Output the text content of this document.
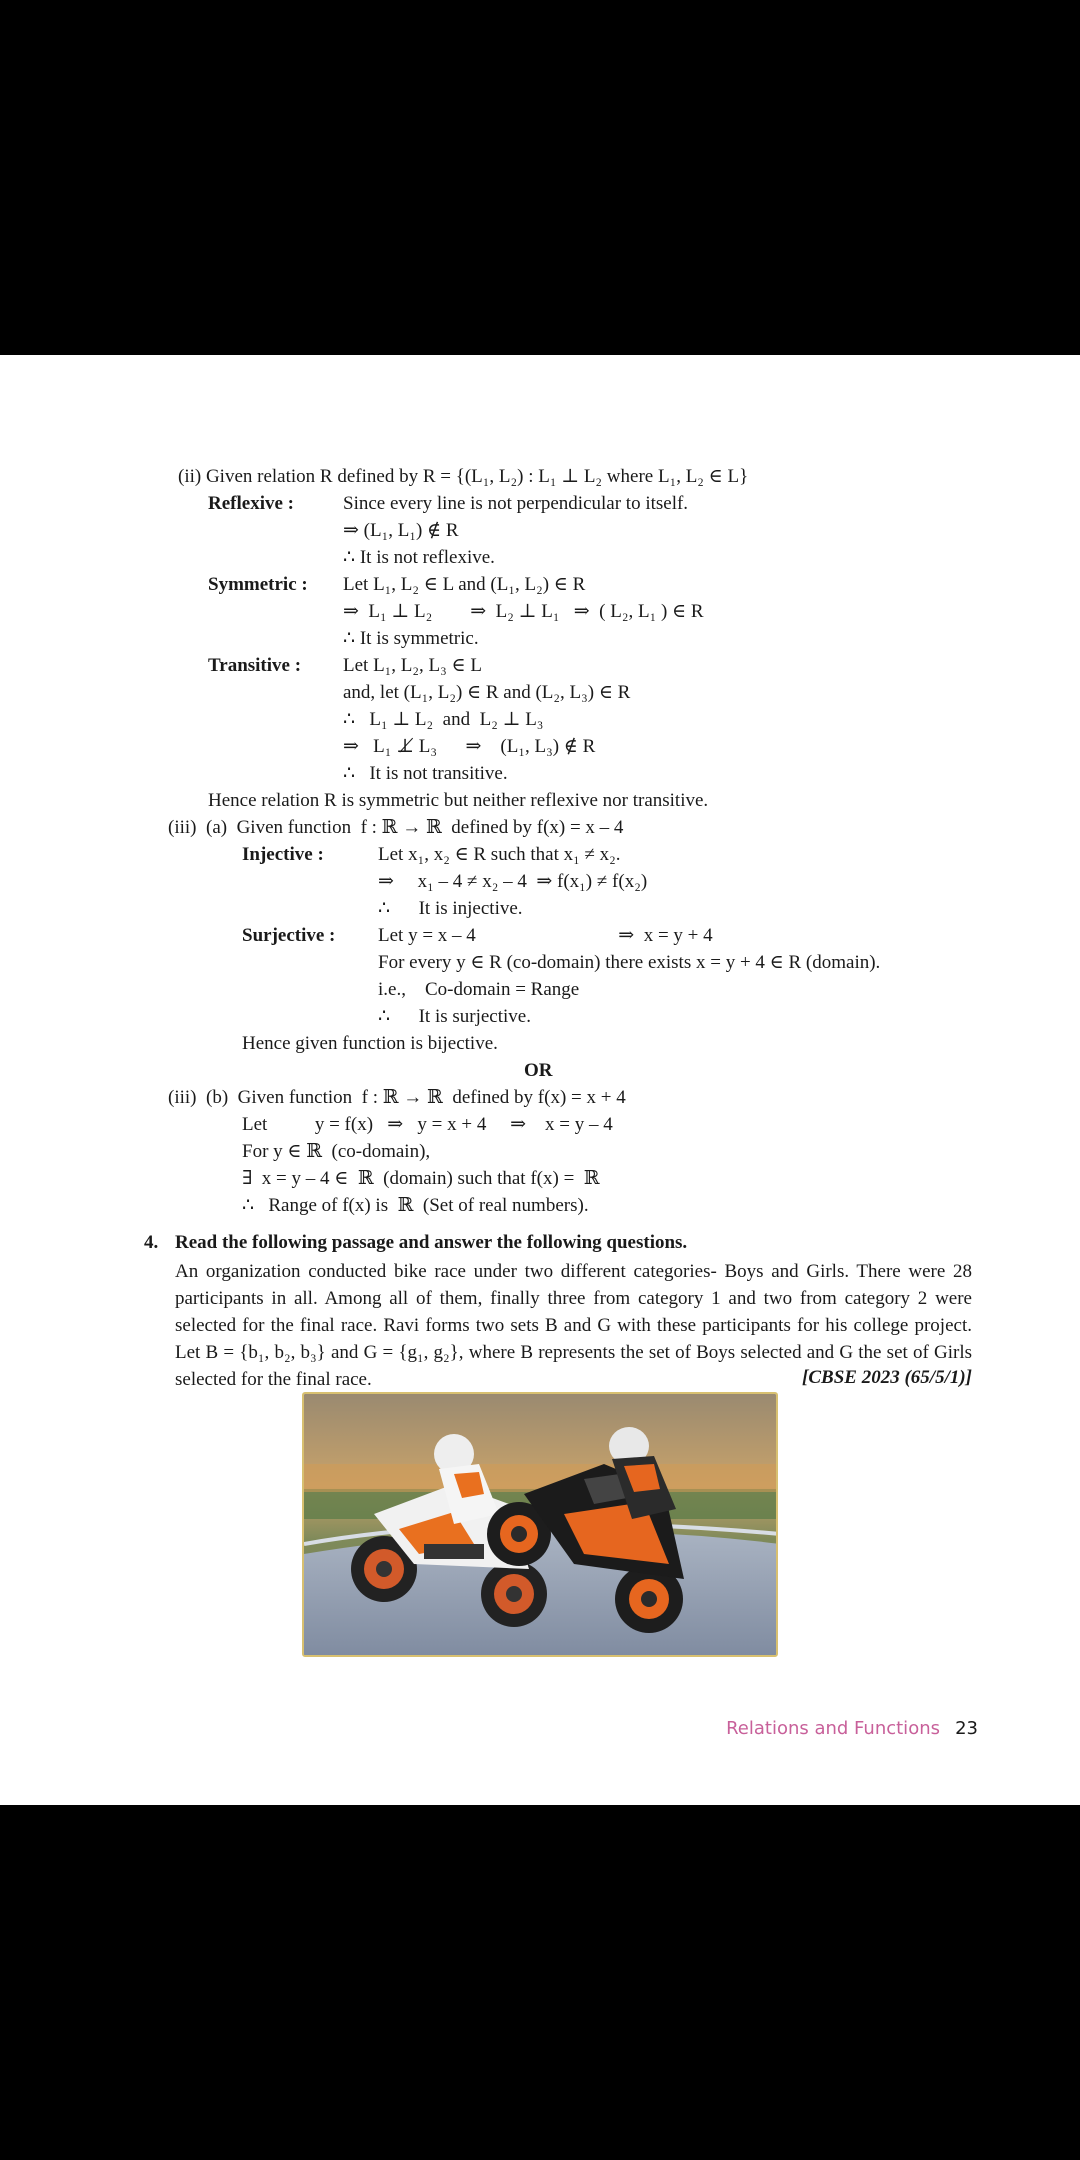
(ii) Given relation R defined by R = {(L₁, L₂) : L₁ ⊥ L₂ where L₁, L₂ ∈ L}
Reflexive :	Since every line is not perpendicular to itself.
⇒ (L₁, L₁) ∉ R
∴ It is not reflexive.
Symmetric : Let L₁, L₂ ∈ L and (L₁, L₂) ∈ R
⇒  L₁ ⊥ L₂        ⇒  L₂ ⊥ L₁   ⇒  ( L₂, L₁ ) ∈ R
∴ It is symmetric.
Transitive : Let L₁, L₂, L₃ ∈ L
and, let (L₁, L₂) ∈ R and (L₂, L₃) ∈ R
∴   L₁ ⊥ L₂  and  L₂ ⊥ L₃
⇒   L₁ ⊥̸ L₃      ⇒    (L₁, L₃) ∉ R
∴   It is not transitive.
Hence relation R is symmetric but neither reflexive nor transitive.
(iii)  (a)  Given function  f : ℝ → ℝ  defined by f(x) = x – 4
Injective :	Let x₁, x₂ ∈ R such that x₁ ≠ x₂.
⇒     x₁ – 4 ≠ x₂ – 4  ⇒ f(x₁) ≠ f(x₂)
∴      It is injective.
Surjective : Let y = x – 4                              ⇒  x = y + 4
For every y ∈ R (co-domain) there exists x = y + 4 ∈ R (domain).
i.e.,    Co-domain = Range
∴      It is surjective.
Hence given function is bijective.
OR
(iii)  (b)  Given function  f : ℝ → ℝ  defined by f(x) = x + 4
Let          y = f(x)   ⇒   y = x + 4     ⇒    x = y – 4
For y ∈ ℝ  (co-domain),
∃  x = y – 4 ∈  ℝ  (domain) such that f(x) =  ℝ
∴   Range of f(x) is  ℝ  (Set of real numbers).
4. Read the following passage and answer the following questions.
An organization conducted bike race under two different categories- Boys and Girls. There were 28 participants in all. Among all of them, finally three from category 1 and two from category 2 were selected for the final race. Ravi forms two sets B and G with these participants for his college project. Let B = {b₁, b₂, b₃} and G = {g₁, g₂}, where B represents the set of Boys selected and G the set of Girls selected for the final race.	[CBSE 2023 (65/5/1)]
Relations and Functions 23
